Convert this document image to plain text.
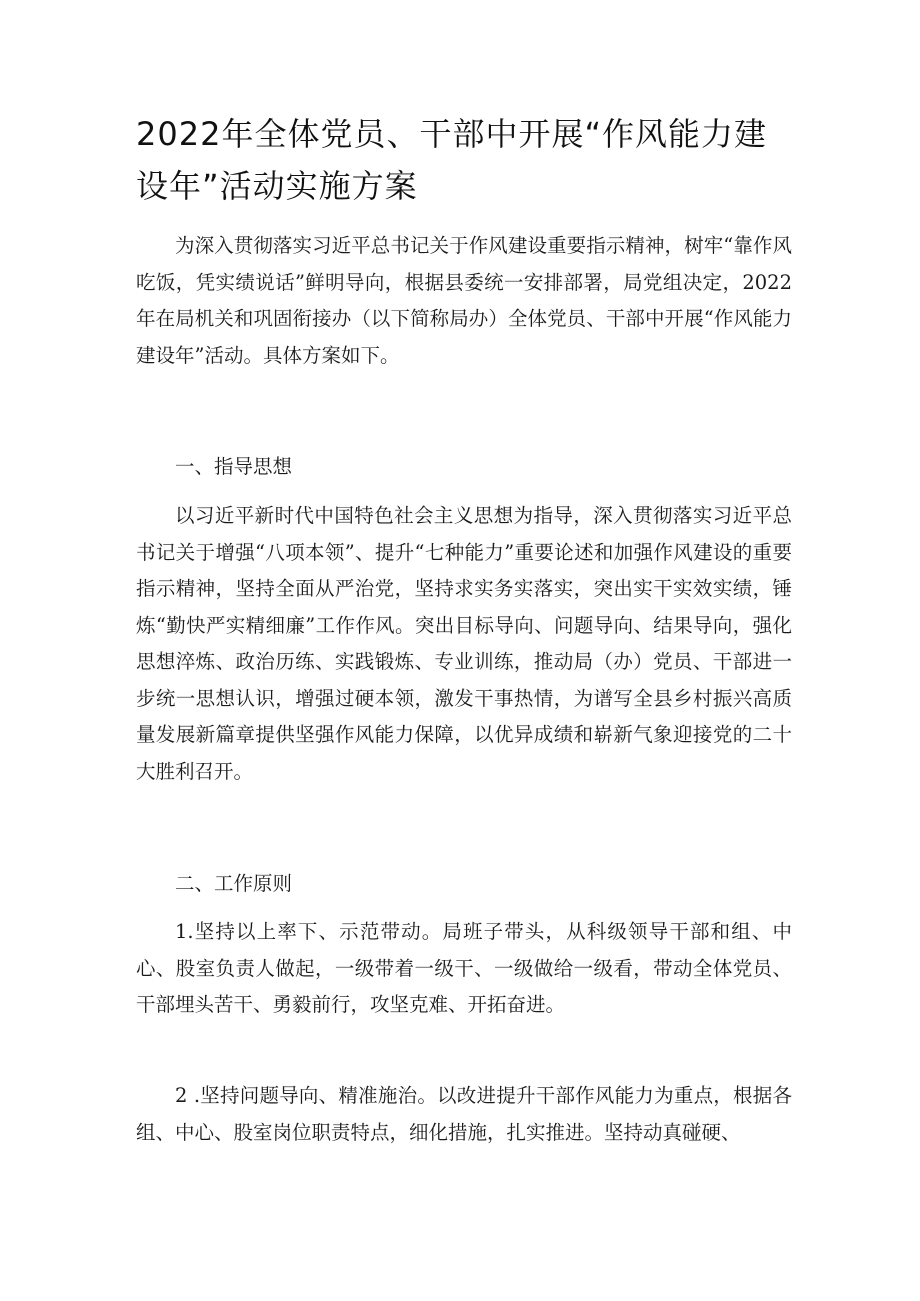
2022年全体党员、干部中开展“作风能力建设年”活动实施方案

为深入贯彻落实习近平总书记关于作风建设重要指示精神，树牢“靠作风吃饭，凭实绩说话”鲜明导向，根据县委统一安排部署，局党组决定，2022年在局机关和巩固衔接办（以下简称局办）全体党员、干部中开展“作风能力建设年”活动。具体方案如下。

一、指导思想

以习近平新时代中国特色社会主义思想为指导，深入贯彻落实习近平总书记关于增强“八项本领”、提升“七种能力”重要论述和加强作风建设的重要指示精神，坚持全面从严治党，坚持求实务实落实，突出实干实效实绩，锤炼“勤快严实精细廉”工作作风。突出目标导向、问题导向、结果导向，强化思想淬炼、政治历练、实践锻炼、专业训练，推动局（办）党员、干部进一步统一思想认识，增强过硬本领，激发干事热情，为谱写全县乡村振兴高质量发展新篇章提供坚强作风能力保障，以优异成绩和崭新气象迎接党的二十大胜利召开。

二、工作原则

1.坚持以上率下、示范带动。局班子带头，从科级领导干部和组、中心、股室负责人做起，一级带着一级干、一级做给一级看，带动全体党员、干部埋头苦干、勇毅前行，攻坚克难、开拓奋进。

2 .坚持问题导向、精准施治。以改进提升干部作风能力为重点，根据各组、中心、股室岗位职责特点，细化措施，扎实推进。坚持动真碰硬、
